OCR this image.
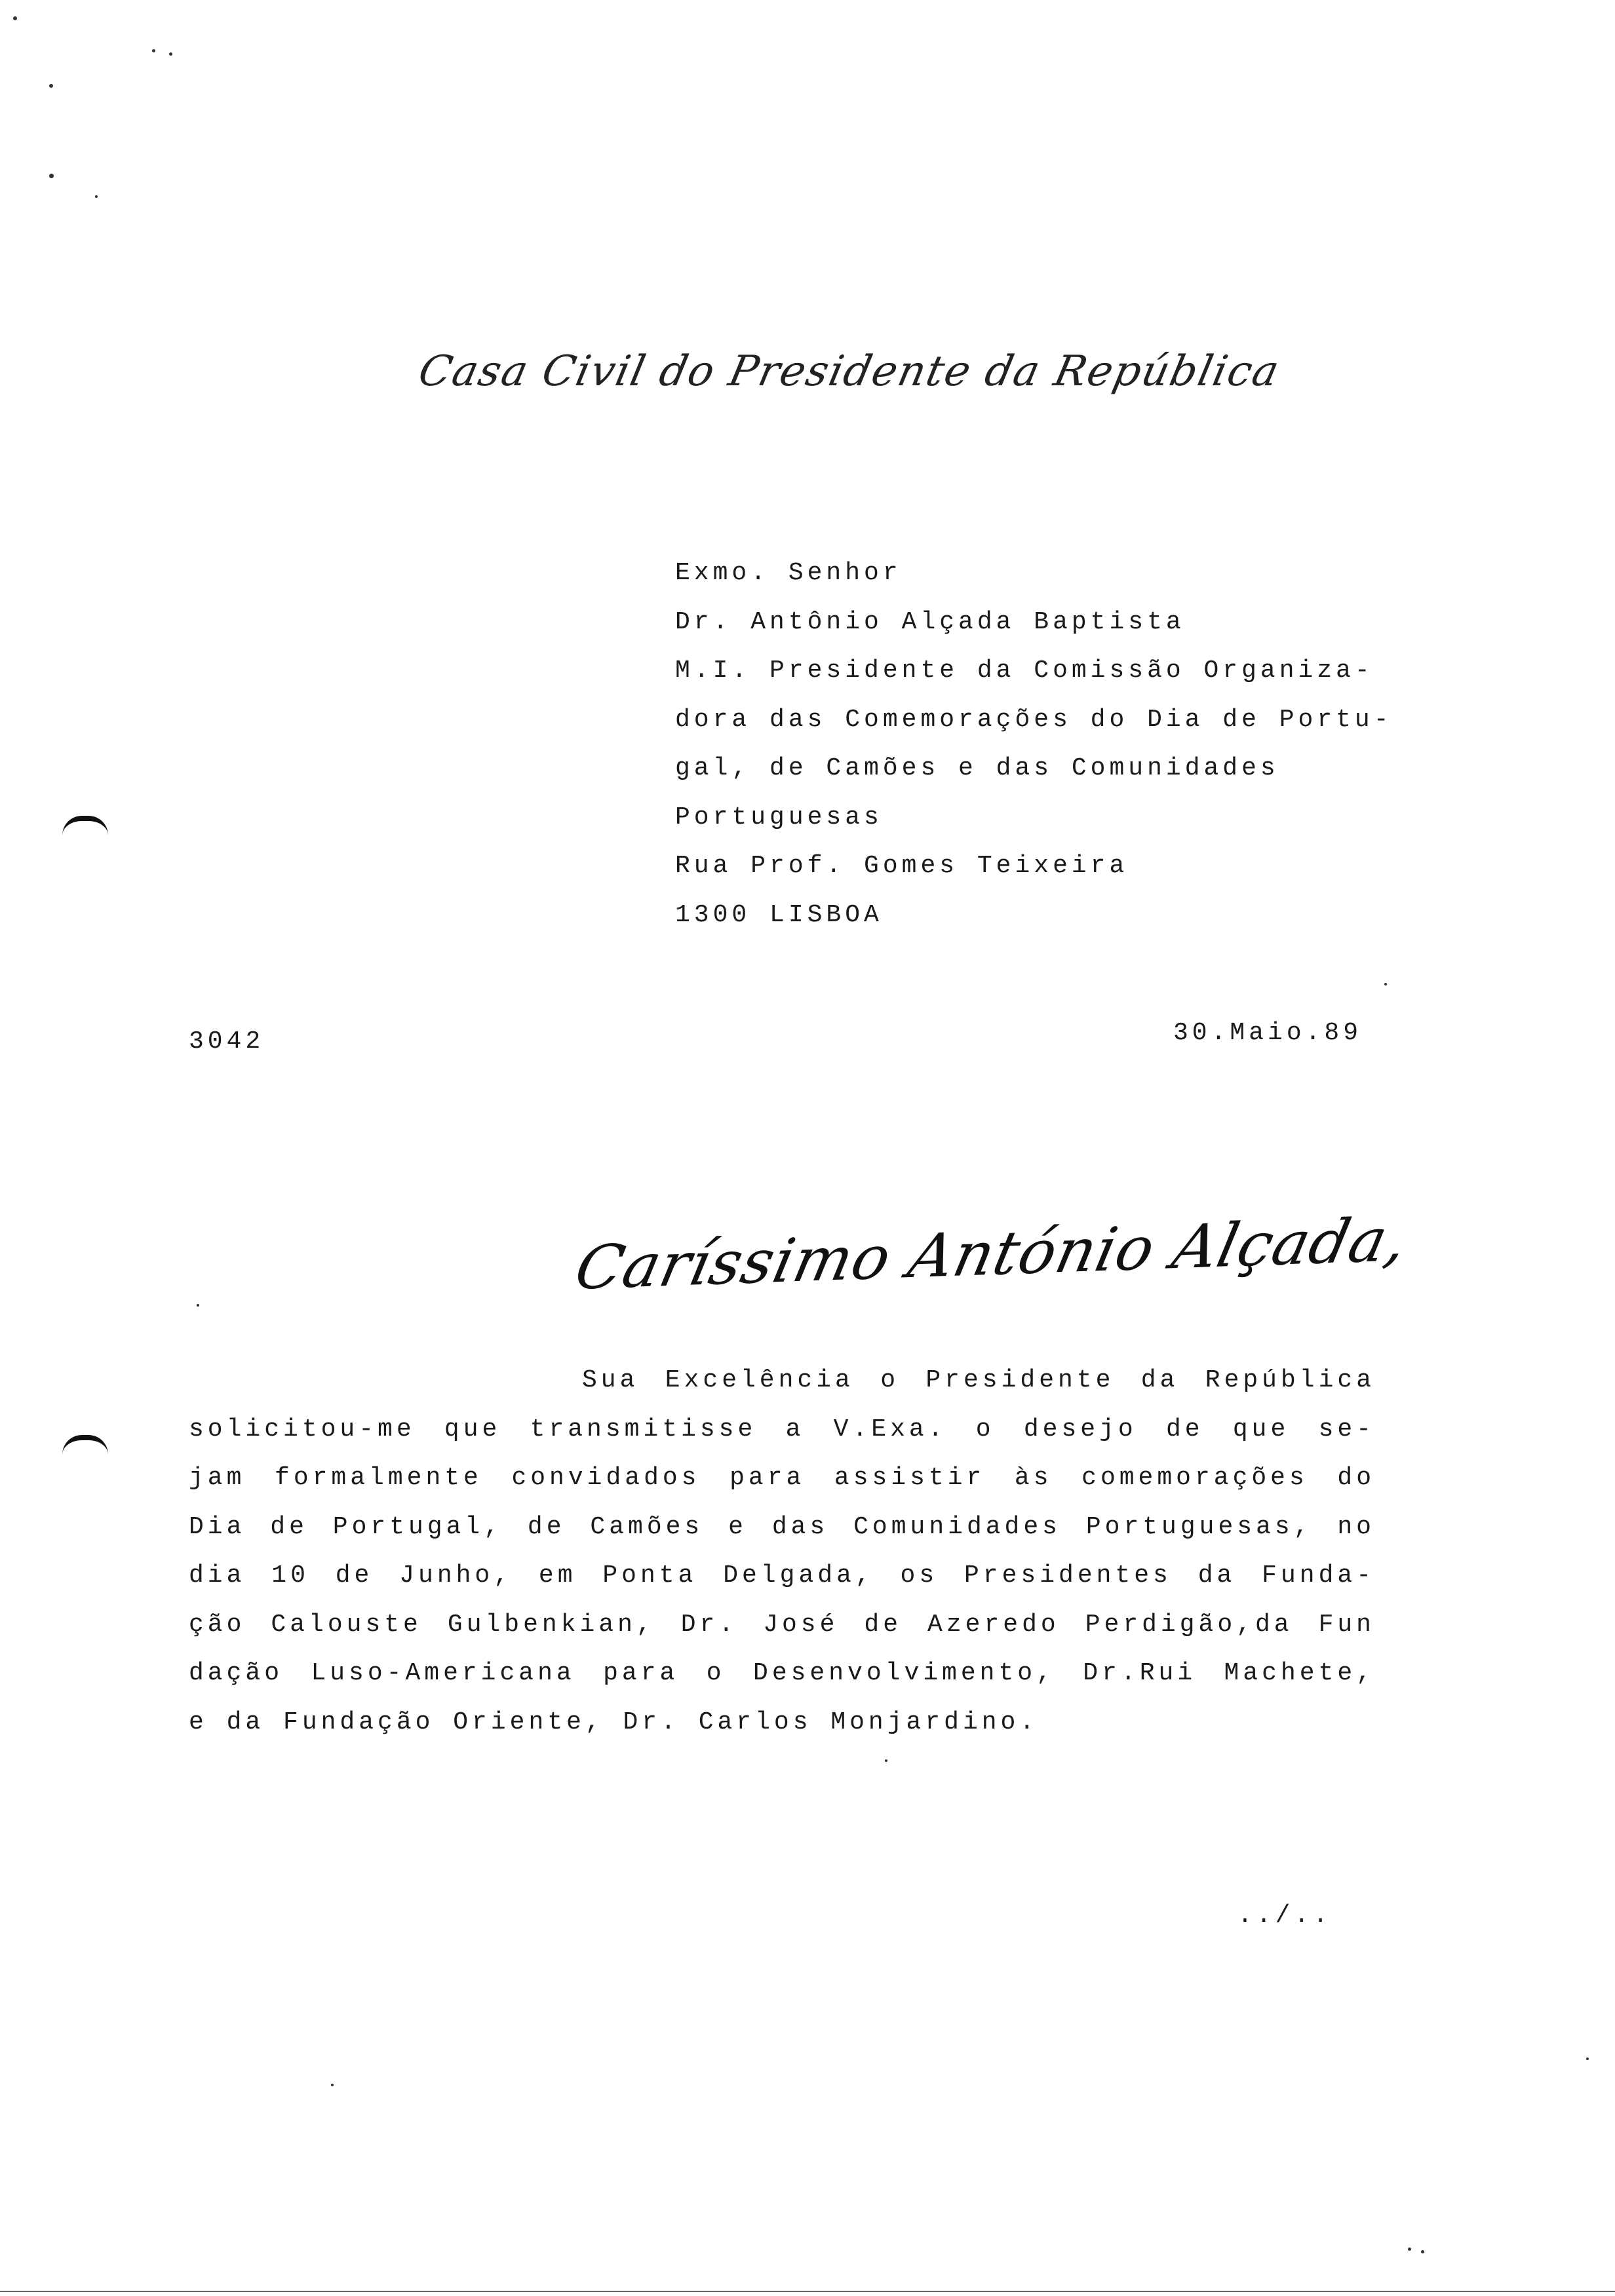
Casa Civil do Presidente da República
Exmo. Senhor
Dr. Antônio Alçada Baptista
M.I. Presidente da Comissão Organiza-
dora das Comemorações do Dia de Portu-
gal, de Camões e das Comunidades
Portuguesas
Rua Prof. Gomes Teixeira
1300 LISBOA
3042	30.Maio.89
Caríssimo António Alçada,
Sua Excelência o Presidente da República
solicitou-me que transmitisse a V.Exa. o desejo de que se-
jam formalmente convidados para assistir às comemorações do
Dia de Portugal, de Camões e das Comunidades Portuguesas, no
dia 10 de Junho, em Ponta Delgada, os Presidentes da Funda-
ção Calouste Gulbenkian, Dr. José de Azeredo Perdigão,da Fun
dação Luso-Americana para o Desenvolvimento, Dr.Rui Machete,
e da Fundação Oriente, Dr. Carlos Monjardino.
../..
